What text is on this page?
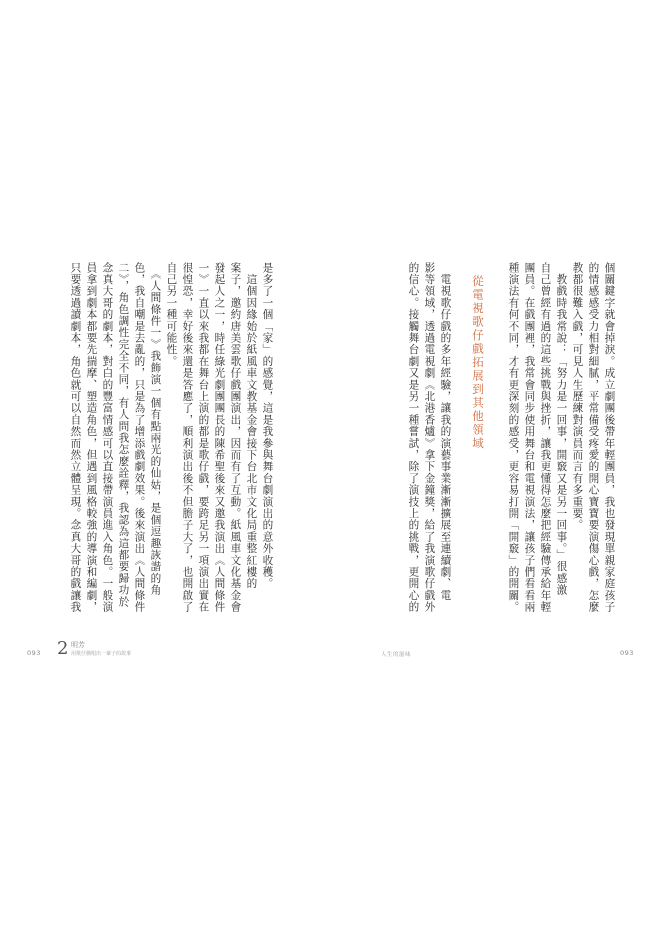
是多了一個「家」的感覺，這是我參與舞台劇演出的意外收穫。
　這個因緣始於紙風車文教基金會接下台北市文化局重整紅樓的
案子，邀約唐美雲歌仔戲團演出，因而有了互動。紙風車文化基金會
發起人之一，時任綠光劇團團長的陳希聖後來又邀我演出《人間條件
一》一直以來我都在舞台上演的都是歌仔戲，要跨足另一項演出實在
很惶恐，幸好後來還是答應了，順利演出後不但膽子大了，也開啟了
自己另一種可能性。
　《人間條件一》我飾演一個有點兩光的仙姑，是個逗趣詼諧的角
色，我自嘲是去亂的，只是為了增添戲劇效果。後來演出《人間條件
二》，角色調性完全不同，有人問我怎麼詮釋，我認為這都要歸功於
念真大哥的劇本，對白的豐富情感可以直接帶演員進入角色。一般演
員拿到劇本都要先揣摩、塑造角色，但遇到風格較強的導演和編劇，
只要透過讀劇本，角色就可以自然而然立體呈現。念真大哥的戲讓我
093 2 明芳
用歌仔戲唱出一輩子的故事
個關鍵字就會掉淚。成立劇團後帶年輕團員，我也發現單親家庭孩子
的情感感受力相對細膩，平常備受疼愛的開心寶寶要演傷心戲，怎麼
教都很難入戲，可見人生歷練對演員而言有多重要。
　教戲時我常說：「努力是一回事，開竅又是另一回事。」很感激
自己曾經有過的這些挑戰與挫折，讓我更懂得怎麼把經驗傳承給年輕
團員。在戲團裡，我常會同步使用舞台和電視演法，讓孩子們看看兩
種演法有何不同，才有更深刻的感受，更容易打開「開竅」的開關。
從電視歌仔戲拓展到其他領域
　電視歌仔戲的多年經驗，讓我的演藝事業漸漸擴展至連續劇、電
影等領域，透過電視劇《北港香爐》拿下金鐘獎，給了我演歌仔戲外
的信心。接觸舞台劇又是另一種嘗試，除了演技上的挑戰，更開心的
人生的滋味	093
